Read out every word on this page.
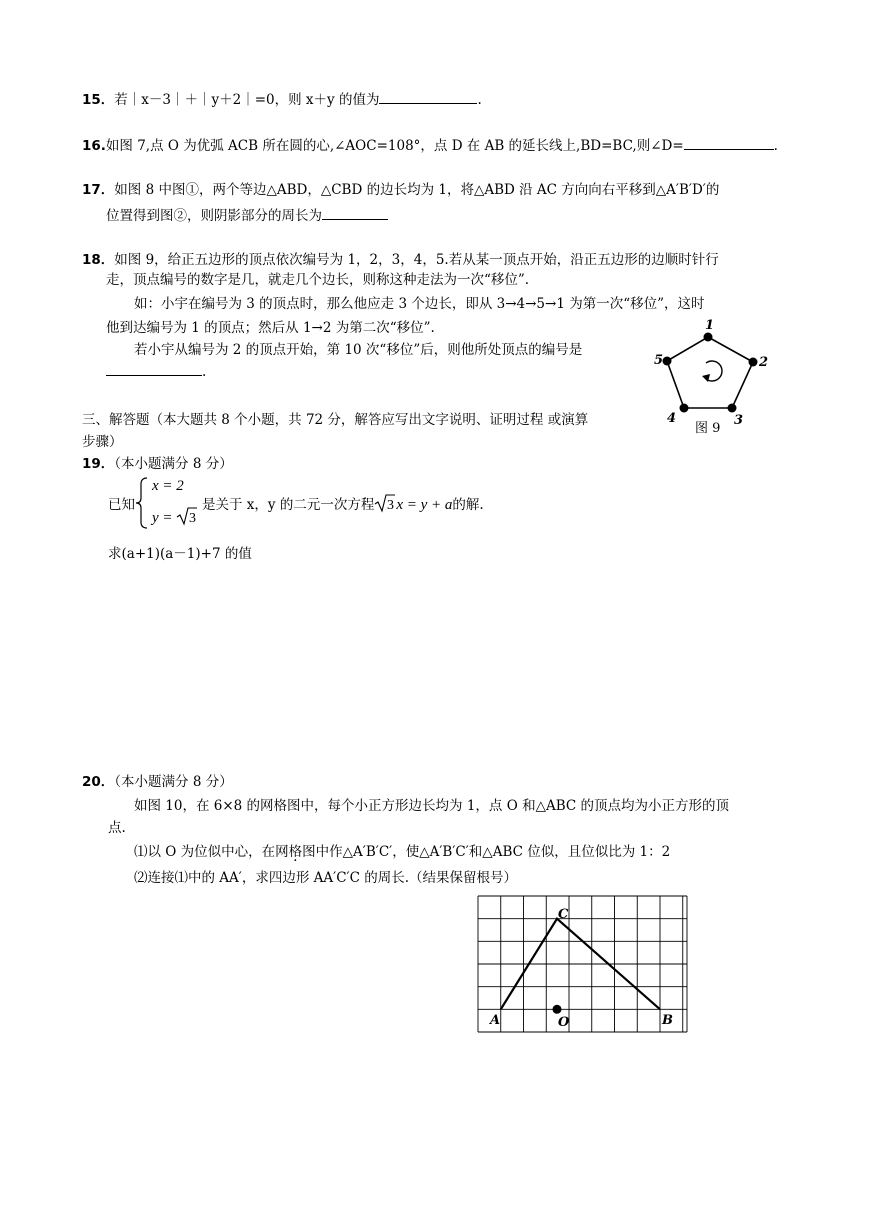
15．若｜x－3｜＋｜y＋2｜=0，则 x＋y 的值为	.
16.如图 7,点 O 为优弧 ACB 所在圆的心,∠AOC=108°，点 D 在 AB 的延长线上,BD=BC,则∠D=	.
17．如图 8 中图①，两个等边△ABD，△CBD 的边长均为 1，将△ABD 沿 AC 方向向右平移到△A′B′D′的
位置得到图②，则阴影部分的周长为
18．如图 9，给正五边形的顶点依次编号为 1，2，3，4，5.若从某一顶点开始，沿正五边形的边顺时针行
走，顶点编号的数字是几，就走几个边长，则称这种走法为一次“移位”.
如：小宇在编号为 3 的顶点时，那么他应走 3 个边长，即从 3→4→5→1 为第一次“移位”，这时
他到达编号为 1 的顶点；然后从 1→2 为第二次“移位”.
若小宇从编号为 2 的顶点开始，第 10 次“移位”后，则他所处顶点的编号是
.
1
2
3
4
5
图 9
三、解答题（本大题共 8 个小题，共 72 分，解答应写出文字说明、证明过程 或演算
步骤）
19．（本小题满分 8 分）
已知
x = 2
y = 3
是关于 x，y 的二元一次方程 3 x = y + a的解.
求(a+1)(a－1)+7 的值
20．（本小题满分 8 分）
如图 10，在 6×8 的网格图中，每个小正方形边长均为 1，点 O 和△ABC 的顶点均为小正方形的顶
点.
⑴以 O 为位似中心，在网格图中作△A′B′C′，使△A′B′C′和△ABC 位似，且位似比为 1：2
⑵连接⑴中的 AA′，求四边形 AA′C′C 的周长.（结果保留根号）
A	B
C
O
